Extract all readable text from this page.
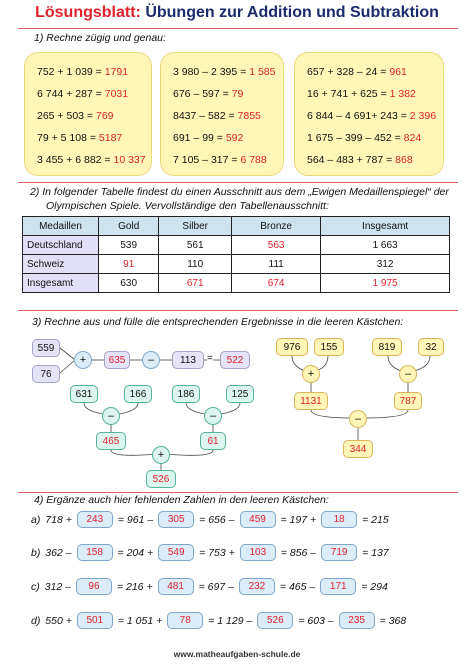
Lösungsblatt: Übungen zur Addition und Subtraktion
1) Rechne zügig und genau:
752 + 1 039 = 1791
6 744 + 287 = 7031
265 + 503 = 769
79 + 5 108 = 5187
3 455 + 6 882 = 10 337
3 980 – 2 395 = 1 585
676 – 597 = 79
8437 – 582 = 7855
691 – 99 = 592
7 105 – 317 = 6 788
657 + 328 – 24 = 961
16 + 741 + 625 = 1 382
6 844 – 4 691+ 243 = 2 396
1 675 – 399 – 452 = 824
564 – 483 + 787 = 868
2) In folgender Tabelle findest du einen Ausschnitt aus dem „Ewigen Medaillenspiegel“ der
Olympischen Spiele. Vervollständige den Tabellenausschnitt:
Medaillen	Gold	Silber	Bronze	Insgesamt
Deutschland	539	561	563	1 663
Schweiz	91	110	111	312
Insgesamt	630	671	674	1 975
3) Rechne aus und fülle die entsprechenden Ergebnisse in die leeren Kästchen:
559
76
+	635	–	113	=	522
631	166	186	125
–	–
465	61
+
526
976	155	819	32
+	–
1131	787
–
344
4) Ergänze auch hier fehlenden Zahlen in den leeren Kästchen:
a)
718 +	243	= 961 –	305	= 656 –	459	= 197 +	18	= 215
b)
362 –	158	= 204 +	549	= 753 +	103	= 856 –	719	= 137
c)
312 –	96	= 216 +	481	= 697 –	232	= 465 –	171	= 294
d)
550 +	501	= 1 051 +	78	= 1 129 –	526	= 603 –	235	= 368
www.matheaufgaben-schule.de
